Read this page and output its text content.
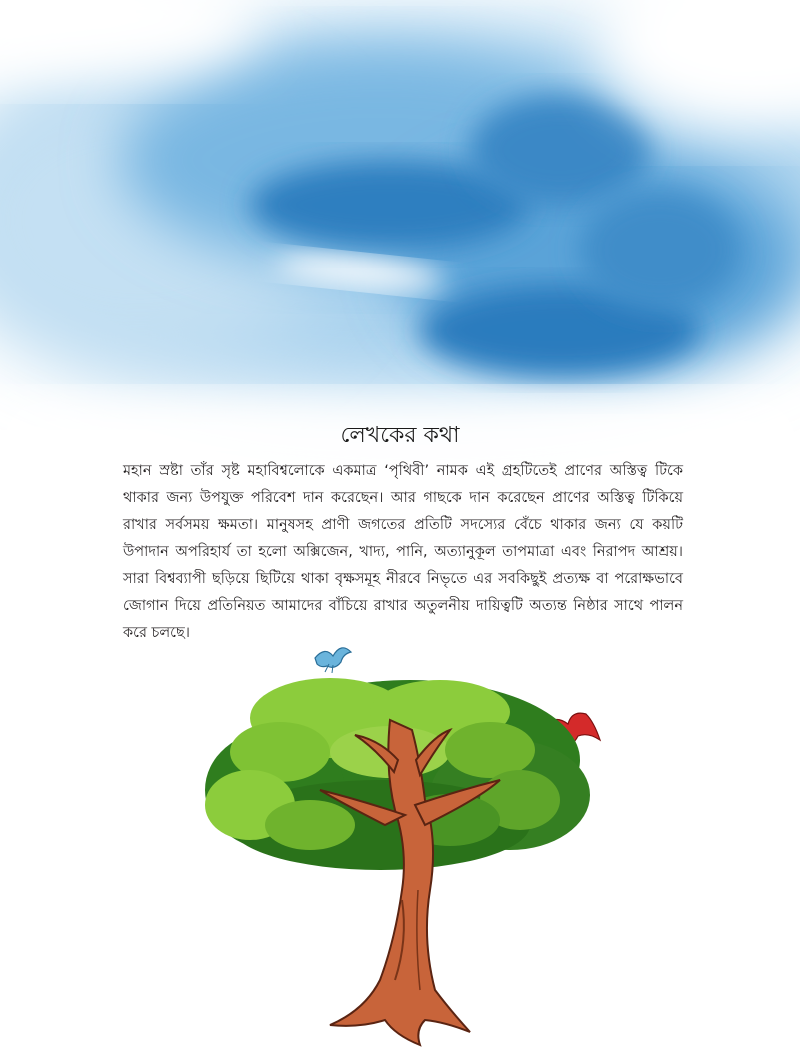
লেখকের কথা

মহান স্রষ্টা তাঁর সৃষ্ট মহাবিশ্বলোকে একমাত্র ‘পৃথিবী’ নামক এই গ্রহটিতেই প্রাণের অস্তিত্ব টিকে থাকার জন্য উপযুক্ত পরিবেশ দান করেছেন। আর গাছকে দান করেছেন প্রাণের অস্তিত্ব টিকিয়ে রাখার সর্বসময় ক্ষমতা। মানুষসহ প্রাণী জগতের প্রতিটি সদস্যের বেঁচে থাকার জন্য যে কয়টি উপাদান অপরিহার্য তা হলো অক্সিজেন, খাদ্য, পানি, অত্যানুকূল তাপমাত্রা এবং নিরাপদ আশ্রয়। সারা বিশ্বব্যাপী ছড়িয়ে ছিটিয়ে থাকা বৃক্ষসমূহ নীরবে নিভৃতে এর সবকিছুই প্রত্যক্ষ বা পরোক্ষভাবে জোগান দিয়ে প্রতিনিয়ত আমাদের বাঁচিয়ে রাখার অতুলনীয় দায়িত্বটি অত্যন্ত নিষ্ঠার সাথে পালন করে চলছে।
